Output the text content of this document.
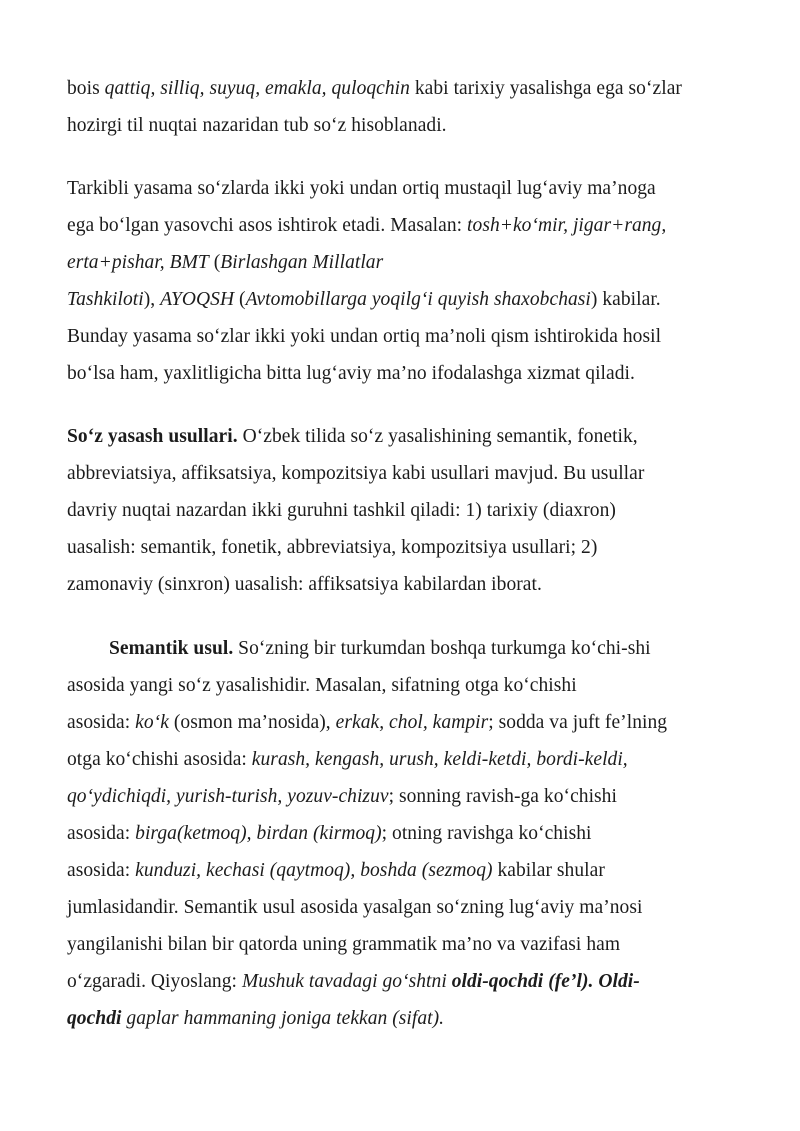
bois qattiq, silliq, suyuq, emakla, quloqchin kabi tarixiy yasalishga ega so‘zlar
hozirgi til nuqtai nazaridan tub so‘z hisoblanadi.

Tarkibli yasama so‘zlarda ikki yoki undan ortiq mustaqil lug‘aviy ma’noga
ega bo‘lgan yasovchi asos ishtirok etadi. Masalan: tosh+ko‘mir, jigar+rang,
erta+pishar, BMT (Birlashgan Millatlar
Tashkiloti), AYOQSH (Avtomobillarga yoqilg‘i quyish shaxobchasi) kabilar.
Bunday yasama so‘zlar ikki yoki undan ortiq ma’noli qism ishtirokida hosil
bo‘lsa ham, yaxlitligicha bitta lug‘aviy ma’no ifodalashga xizmat qiladi.

So‘z yasash usullari. O‘zbek tilida so‘z yasalishining semantik, fonetik,
abbreviatsiya, affiksatsiya, kompozitsiya kabi usullari mavjud. Bu usullar
davriy nuqtai nazardan ikki guruhni tashkil qiladi: 1) tarixiy (diaxron)
uasalish: semantik, fonetik, abbreviatsiya, kompozitsiya usullari; 2)
zamonaviy (sinxron) uasalish: affiksatsiya kabilardan iborat.

Semantik usul. So‘zning bir turkumdan boshqa turkumga ko‘chi-shi
asosida yangi so‘z yasalishidir. Masalan, sifatning otga ko‘chishi
asosida: ko‘k (osmon ma’nosida), erkak, chol, kampir; sodda va juft fe’lning
otga ko‘chishi asosida: kurash, kengash, urush, keldi-ketdi, bordi-keldi,
qo‘ydichiqdi, yurish-turish, yozuv-chizuv; sonning ravish-ga ko‘chishi
asosida: birga(ketmoq), birdan (kirmoq); otning ravishga ko‘chishi
asosida: kunduzi, kechasi (qaytmoq), boshda (sezmoq) kabilar shular
jumlasidandir. Semantik usul asosida yasalgan so‘zning lug‘aviy ma’nosi
yangilanishi bilan bir qatorda uning grammatik ma’no va vazifasi ham
o‘zgaradi. Qiyoslang: Mushuk tavadagi go‘shtni oldi-qochdi (fe’l). Oldi-
qochdi gaplar hammaning joniga tekkan (sifat).
